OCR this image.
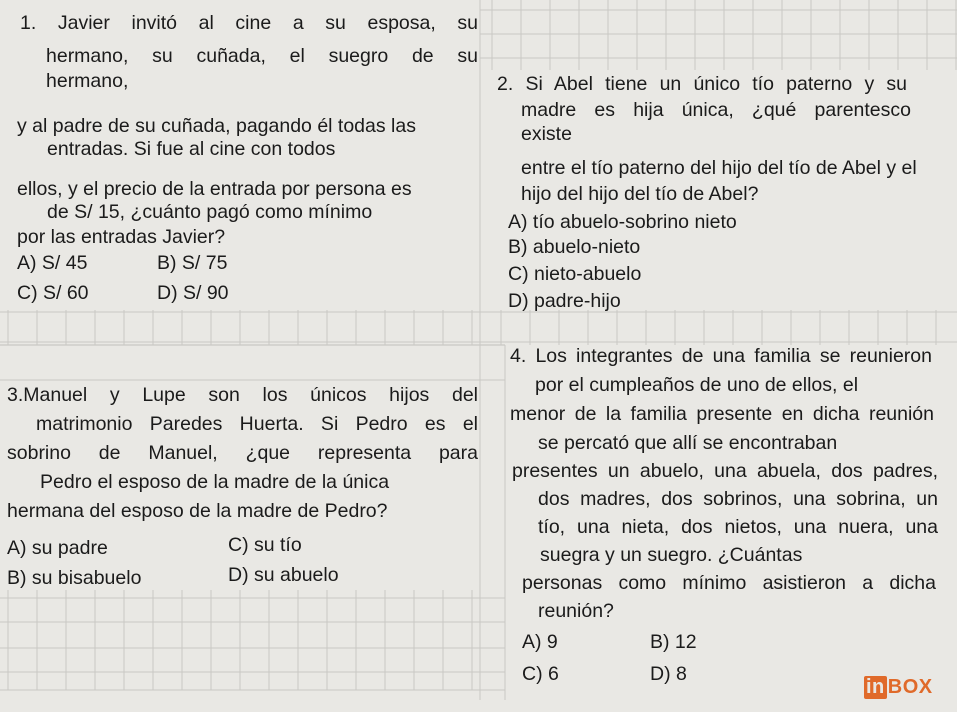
1. Javier invitó al cine a su esposa, su
hermano, su cuñada, el suegro de su
hermano,
y al padre de su cuñada, pagando él todas las
entradas. Si fue al cine con todos
ellos, y el precio de la entrada por persona es
de S/ 15, ¿cuánto pagó como mínimo
por las entradas Javier?
A) S/ 45	B) S/ 75
C) S/ 60	D) S/ 90
2. Si Abel tiene un único tío paterno y su
madre es hija única, ¿qué parentesco
existe
entre el tío paterno del hijo del tío de Abel y el
hijo del hijo del tío de Abel?
A) tío abuelo-sobrino nieto
B) abuelo-nieto
C) nieto-abuelo
D) padre-hijo
3.Manuel y Lupe son los únicos hijos del
matrimonio Paredes Huerta. Si Pedro es el
sobrino de Manuel, ¿que representa para
Pedro el esposo de la madre de la única
hermana del esposo de la madre de Pedro?
A) su padre	C) su tío
B) su bisabuelo	D) su abuelo
4. Los integrantes de una familia se reunieron
por el cumpleaños de uno de ellos, el
menor de la familia presente en dicha reunión
se percató que allí se encontraban
presentes un abuelo, una abuela, dos padres,
dos madres, dos sobrinos, una sobrina, un
tío, una nieta, dos nietos, una nuera, una
suegra y un suegro. ¿Cuántas
personas como mínimo asistieron a dicha
reunión?
A) 9	B) 12
C) 6	D) 8
in BOX
